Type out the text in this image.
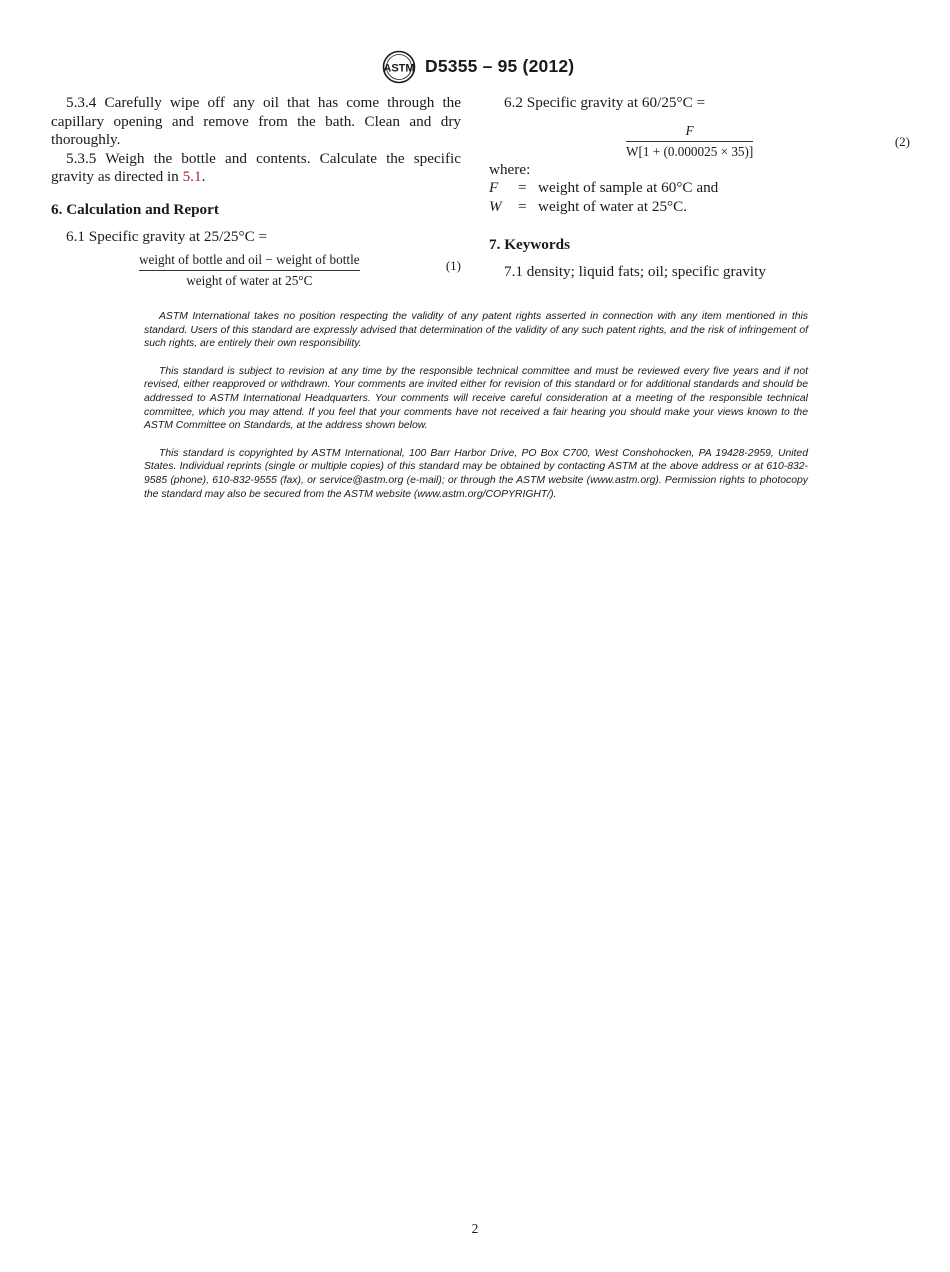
ASTM D5355 – 95 (2012)

5.3.4 Carefully wipe off any oil that has come through the capillary opening and remove from the bath. Clean and dry thoroughly.

5.3.5 Weigh the bottle and contents. Calculate the specific gravity as directed in 5.1.

6. Calculation and Report

6.1 Specific gravity at 25/25°C =

weight of bottle and oil − weight of bottle
weight of water at 25°C
(1)

6.2 Specific gravity at 60/25°C =

$\frac{F}{W[1 + (0.000025 \times 35)]}$	(2)
where:
F = weight of sample at 60°C and
W = weight of water at 25°C.
7. Keywords

7.1 density; liquid fats; oil; specific gravity

ASTM International takes no position respecting the validity of any patent rights asserted in connection with any item mentioned in this standard. Users of this standard are expressly advised that determination of the validity of any such patent rights, and the risk of infringement of such rights, are entirely their own responsibility.

This standard is subject to revision at any time by the responsible technical committee and must be reviewed every five years and if not revised, either reapproved or withdrawn. Your comments are invited either for revision of this standard or for additional standards and should be addressed to ASTM International Headquarters. Your comments will receive careful consideration at a meeting of the responsible technical committee, which you may attend. If you feel that your comments have not received a fair hearing you should make your views known to the ASTM Committee on Standards, at the address shown below.

This standard is copyrighted by ASTM International, 100 Barr Harbor Drive, PO Box C700, West Conshohocken, PA 19428-2959, United States. Individual reprints (single or multiple copies) of this standard may be obtained by contacting ASTM at the above address or at 610-832-9585 (phone), 610-832-9555 (fax), or service@astm.org (e-mail); or through the ASTM website (www.astm.org). Permission rights to photocopy the standard may also be secured from the ASTM website (www.astm.org/COPYRIGHT/).

2
